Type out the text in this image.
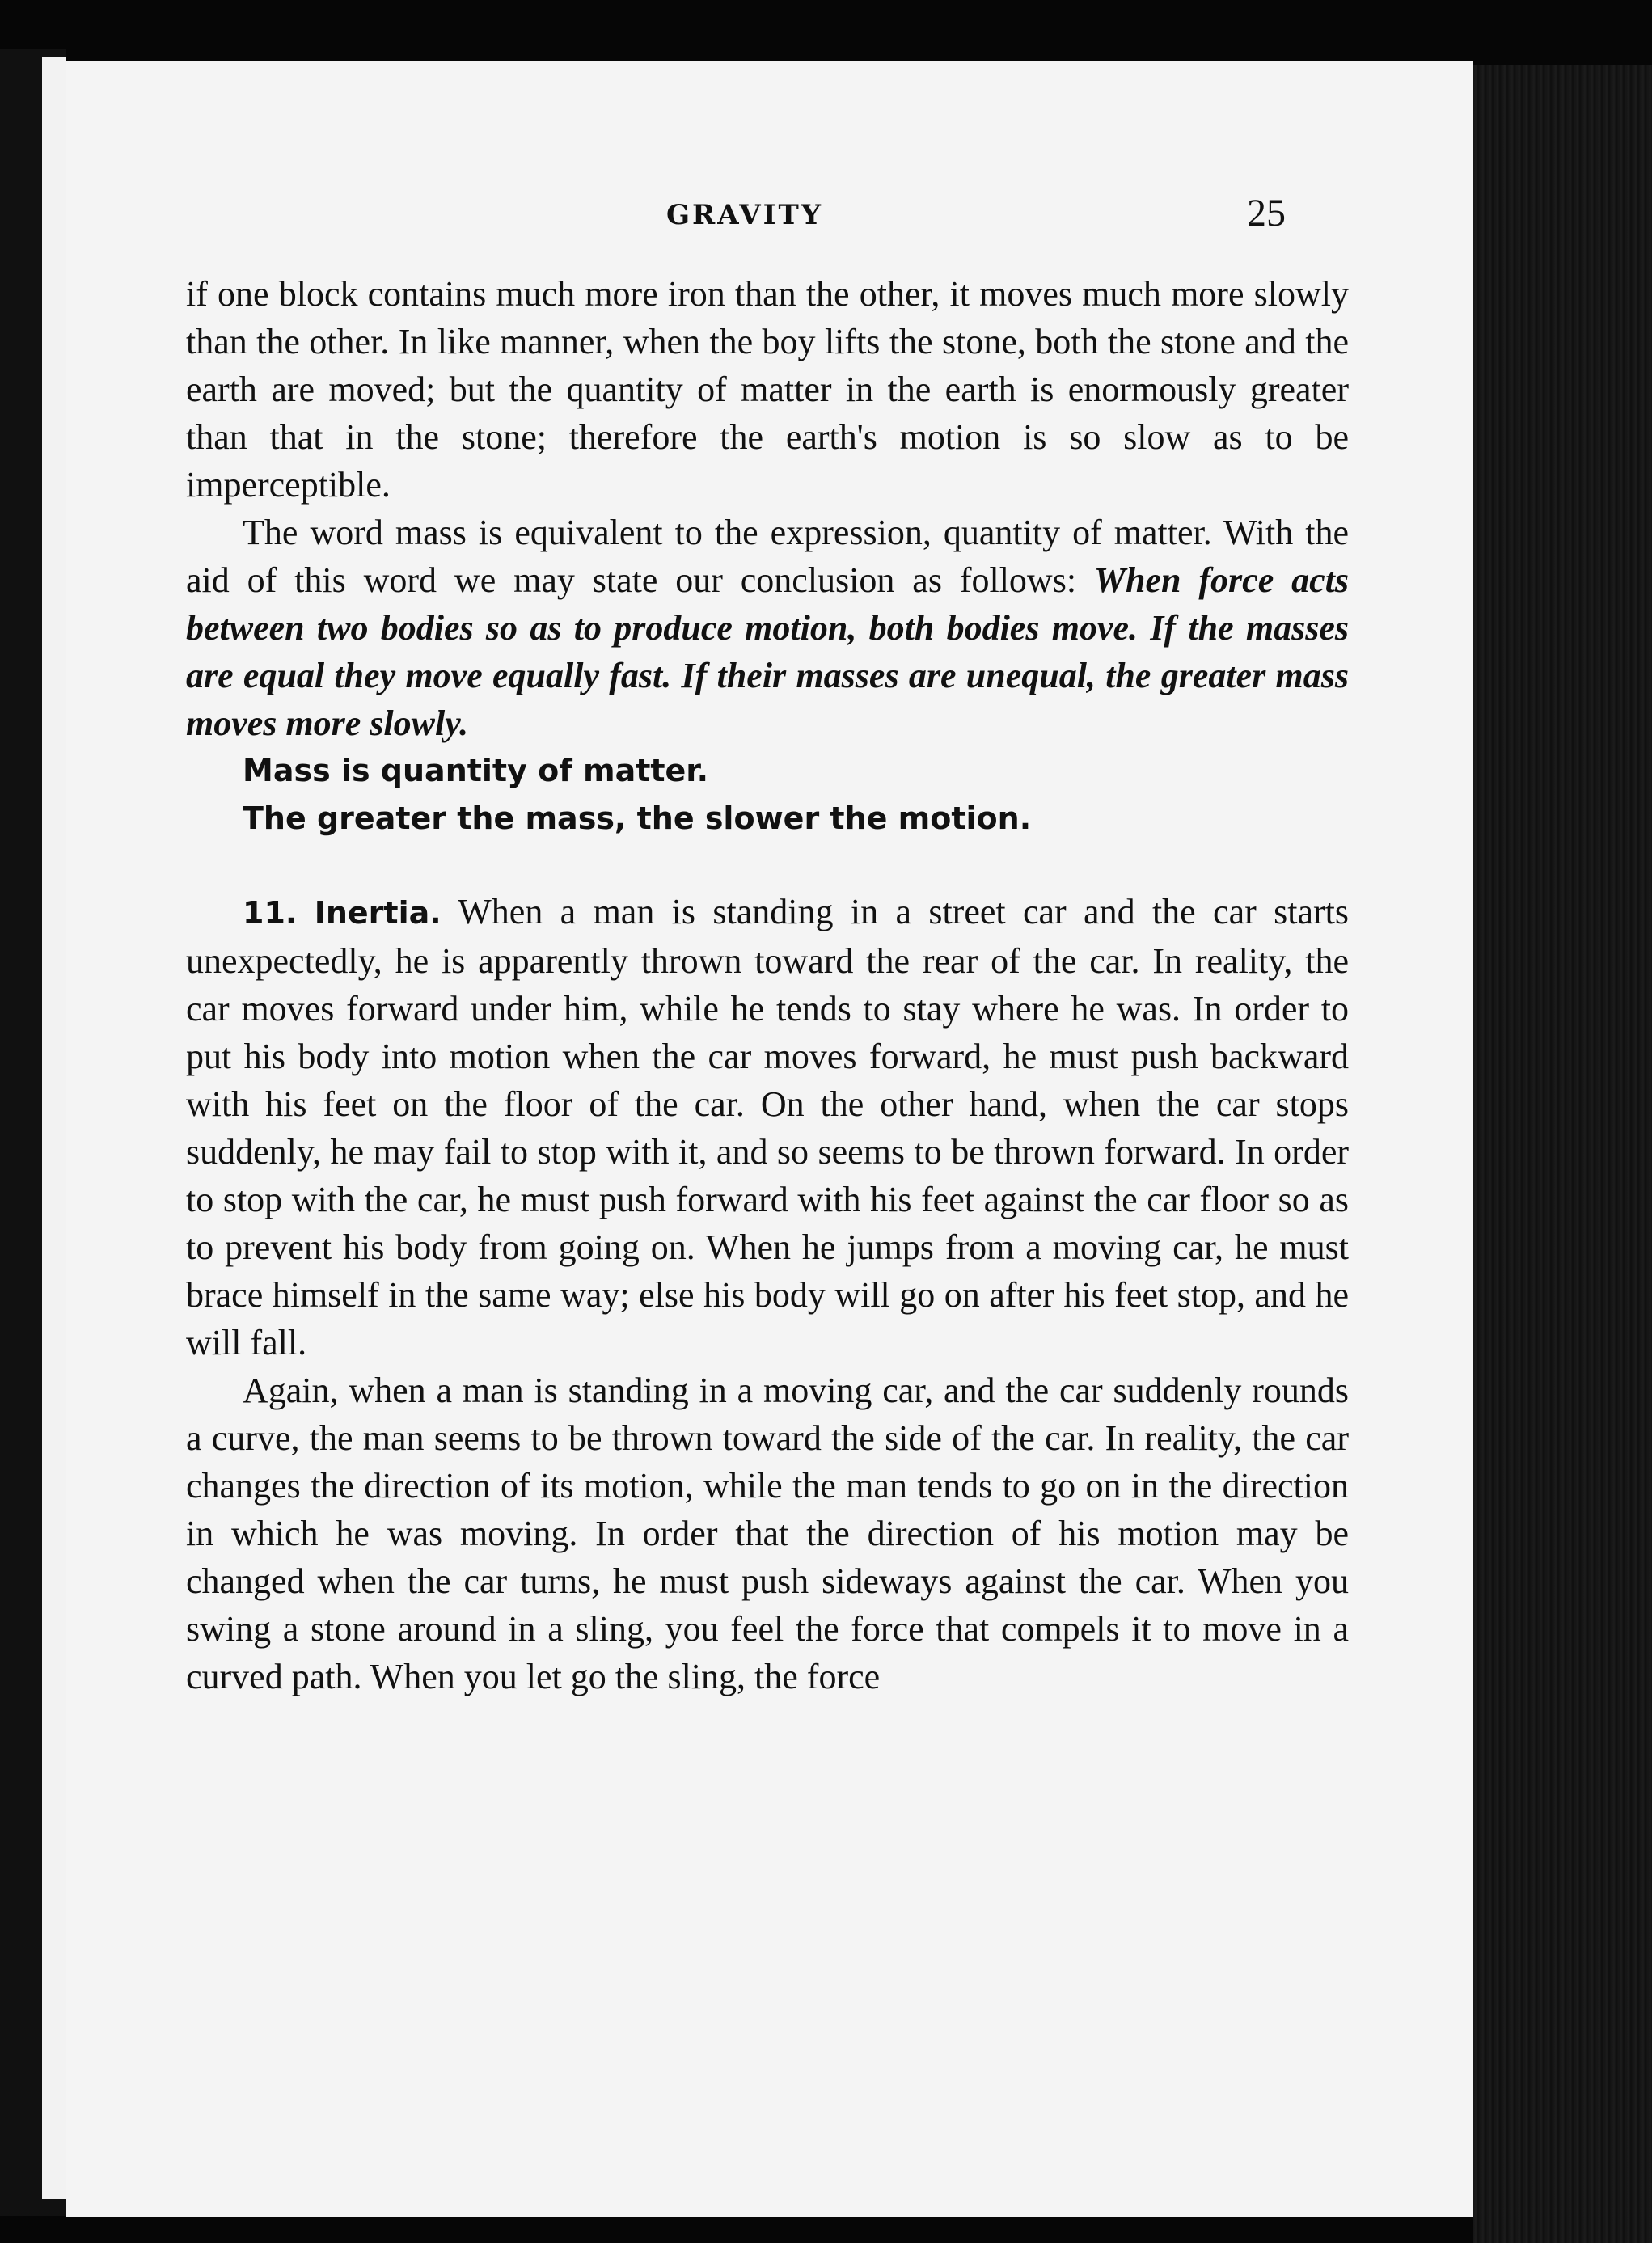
GRAVITY	25

if one block contains much more iron than the other, it moves much more slowly than the other. In like manner, when the boy lifts the stone, both the stone and the earth are moved; but the quantity of matter in the earth is enormously greater than that in the stone; therefore the earth's motion is so slow as to be imperceptible.

The word mass is equivalent to the expression, quantity of matter. With the aid of this word we may state our conclusion as follows: When force acts between two bodies so as to produce motion, both bodies move. If the masses are equal they move equally fast. If their masses are unequal, the greater mass moves more slowly.

Mass is quantity of matter.

The greater the mass, the slower the motion.

11. Inertia. When a man is standing in a street car and the car starts unexpectedly, he is apparently thrown toward the rear of the car. In reality, the car moves forward under him, while he tends to stay where he was. In order to put his body into motion when the car moves forward, he must push backward with his feet on the floor of the car. On the other hand, when the car stops suddenly, he may fail to stop with it, and so seems to be thrown forward. In order to stop with the car, he must push forward with his feet against the car floor so as to prevent his body from going on. When he jumps from a moving car, he must brace himself in the same way; else his body will go on after his feet stop, and he will fall.

Again, when a man is standing in a moving car, and the car suddenly rounds a curve, the man seems to be thrown toward the side of the car. In reality, the car changes the direction of its motion, while the man tends to go on in the direction in which he was moving. In order that the direction of his motion may be changed when the car turns, he must push sideways against the car. When you swing a stone around in a sling, you feel the force that compels it to move in a curved path. When you let go the sling, the force
